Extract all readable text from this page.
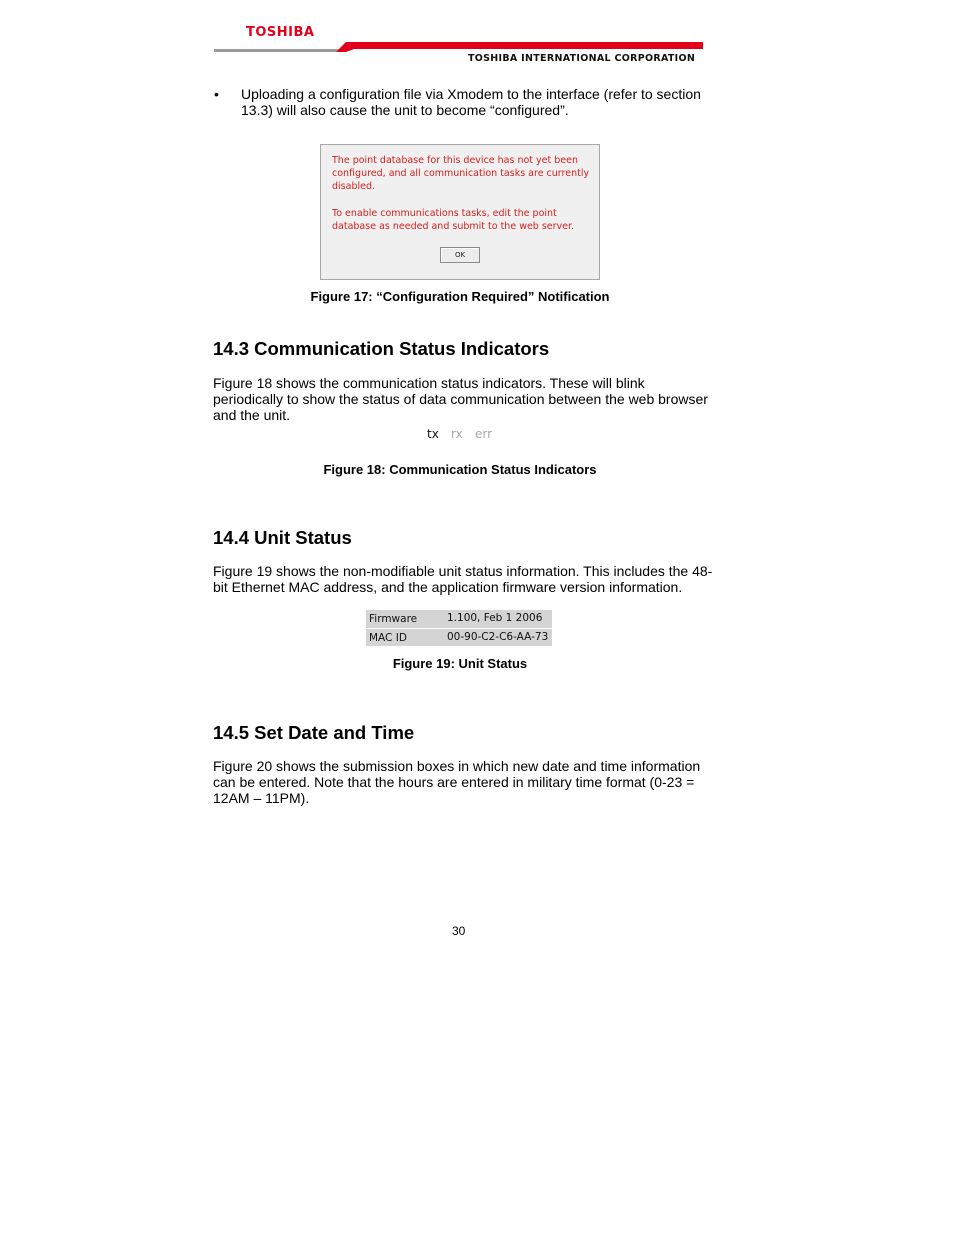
TOSHIBA
TOSHIBA INTERNATIONAL CORPORATION
• Uploading a configuration file via Xmodem to the interface (refer to section 13.3) will also cause the unit to become “configured”.
The point database for this device has not yet been configured, and all communication tasks are currently disabled.
To enable communications tasks, edit the point database as needed and submit to the web server.
OK
Figure 17: “Configuration Required” Notification
14.3 Communication Status Indicators
Figure 18 shows the communication status indicators. These will blink periodically to show the status of data communication between the web browser and the unit.
tx rx err
Figure 18: Communication Status Indicators
14.4 Unit Status
Figure 19 shows the non-modifiable unit status information. This includes the 48-bit Ethernet MAC address, and the application firmware version information.
Firmware	1.100, Feb 1 2006
MAC ID	00-90-C2-C6-AA-73
Figure 19: Unit Status
14.5 Set Date and Time
Figure 20 shows the submission boxes in which new date and time information can be entered. Note that the hours are entered in military time format (0-23 = 12AM – 11PM).
30
